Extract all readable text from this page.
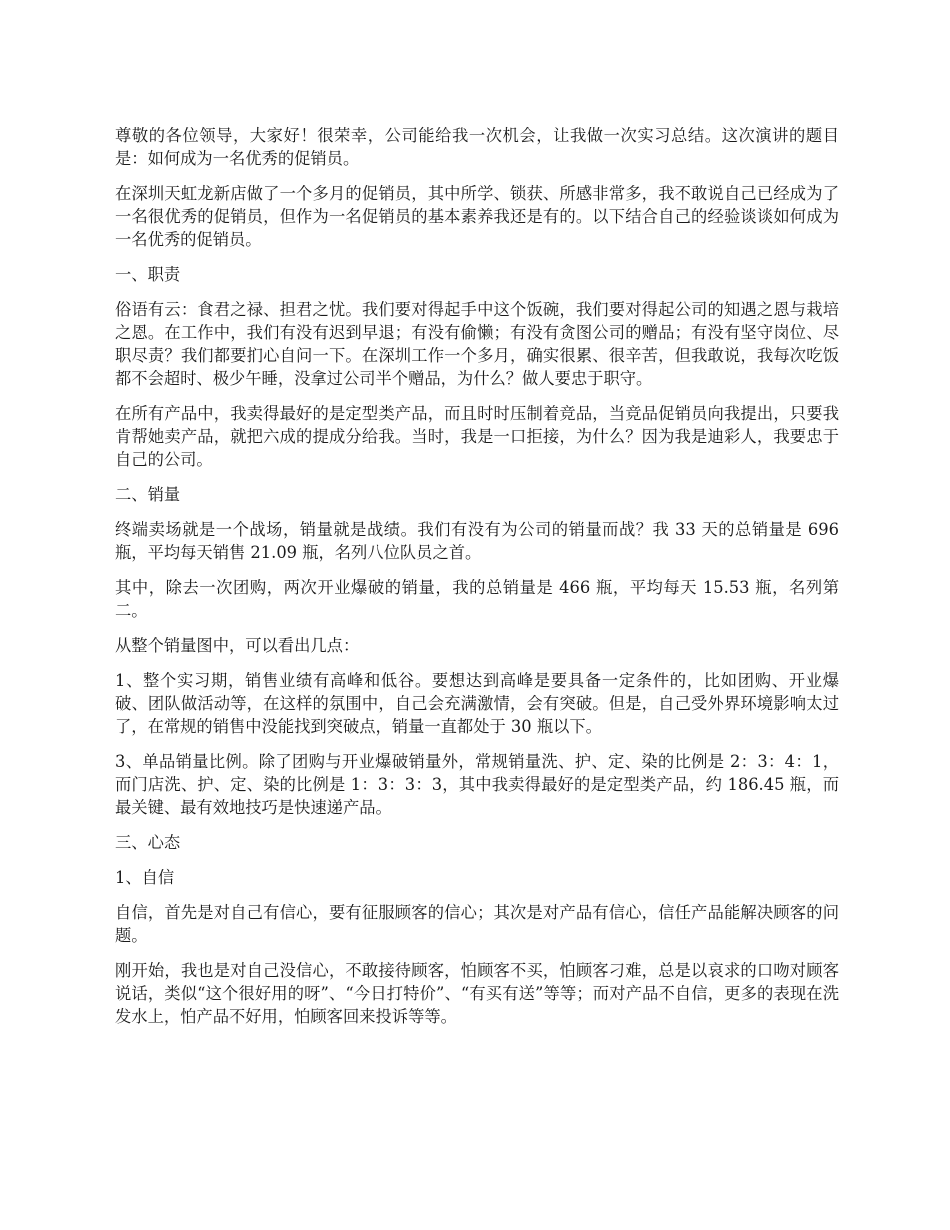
尊敬的各位领导，大家好！很荣幸，公司能给我一次机会，让我做一次实习总结。这次演讲的题目是：如何成为一名优秀的促销员。

在深圳天虹龙新店做了一个多月的促销员，其中所学、锁获、所感非常多，我不敢说自己已经成为了一名很优秀的促销员，但作为一名促销员的基本素养我还是有的。以下结合自己的经验谈谈如何成为一名优秀的促销员。

一、职责

俗语有云：食君之禄、担君之忧。我们要对得起手中这个饭碗，我们要对得起公司的知遇之恩与栽培之恩。在工作中，我们有没有迟到早退；有没有偷懒；有没有贪图公司的赠品；有没有坚守岗位、尽职尽责？我们都要扪心自问一下。在深圳工作一个多月，确实很累、很辛苦，但我敢说，我每次吃饭都不会超时、极少午睡，没拿过公司半个赠品，为什么？做人要忠于职守。

在所有产品中，我卖得最好的是定型类产品，而且时时压制着竞品，当竞品促销员向我提出，只要我肯帮她卖产品，就把六成的提成分给我。当时，我是一口拒接，为什么？因为我是迪彩人，我要忠于自己的公司。

二、销量

终端卖场就是一个战场，销量就是战绩。我们有没有为公司的销量而战？我 33 天的总销量是 696 瓶，平均每天销售 21.09 瓶，名列八位队员之首。

其中，除去一次团购，两次开业爆破的销量，我的总销量是 466 瓶，平均每天 15.53 瓶，名列第二。

从整个销量图中，可以看出几点：

1、整个实习期，销售业绩有高峰和低谷。要想达到高峰是要具备一定条件的，比如团购、开业爆破、团队做活动等，在这样的氛围中，自己会充满激情，会有突破。但是，自己受外界环境影响太过了，在常规的销售中没能找到突破点，销量一直都处于 30 瓶以下。

3、单品销量比例。除了团购与开业爆破销量外，常规销量洗、护、定、染的比例是 2：3：4：1，而门店洗、护、定、染的比例是 1：3：3：3，其中我卖得最好的是定型类产品，约 186.45 瓶，而最关键、最有效地技巧是快速递产品。

三、心态

1、自信

自信，首先是对自己有信心，要有征服顾客的信心；其次是对产品有信心，信任产品能解决顾客的问题。

刚开始，我也是对自己没信心，不敢接待顾客，怕顾客不买，怕顾客刁难，总是以哀求的口吻对顾客说话，类似“这个很好用的呀”、“今日打特价”、“有买有送”等等；而对产品不自信，更多的表现在洗发水上，怕产品不好用，怕顾客回来投诉等等。
